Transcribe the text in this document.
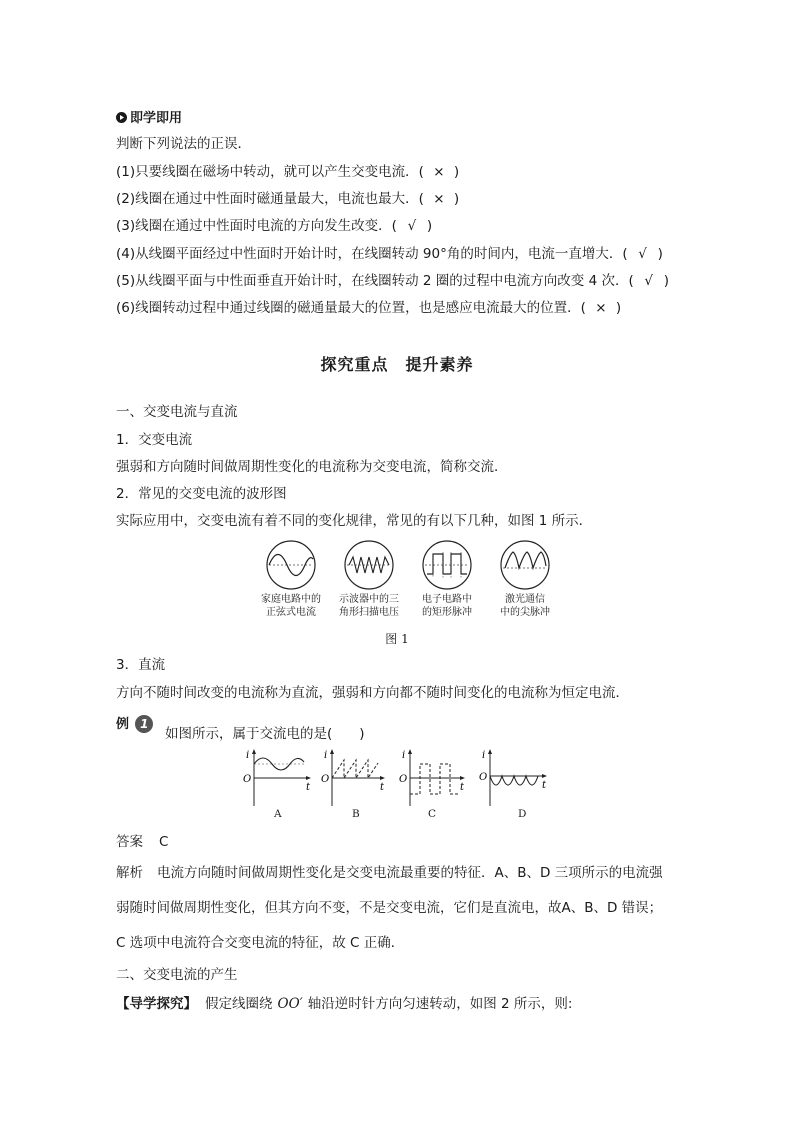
即学即用
判断下列说法的正误．
(1)只要线圈在磁场中转动，就可以产生交变电流．( × )
(2)线圈在通过中性面时磁通量最大，电流也最大．( × )
(3)线圈在通过中性面时电流的方向发生改变．( √ )
(4)从线圈平面经过中性面时开始计时，在线圈转动 90°角的时间内，电流一直增大．( √ )
(5)从线圈平面与中性面垂直开始计时，在线圈转动 2 圈的过程中电流方向改变 4 次．( √ )
(6)线圈转动过程中通过线圈的磁通量最大的位置，也是感应电流最大的位置．( × )
探究重点　提升素养
一、交变电流与直流
1．交变电流
强弱和方向随时间做周期性变化的电流称为交变电流，简称交流．
2．常见的交变电流的波形图
实际应用中，交变电流有着不同的变化规律，常见的有以下几种，如图 1 所示．
家庭电路中的
正弦式电流
示波器中的三
角形扫描电压
电子电路中
的矩形脉冲
激光通信
中的尖脉冲
图 1
3．直流
方向不随时间改变的电流称为直流，强弱和方向都不随时间变化的电流称为恒定电流．
例 1
如图所示，属于交流电的是(　　)
i
O
t
i
O
t
i
O
t
i
O
t
A	B	C	D
答案 C
解析 电流方向随时间做周期性变化是交变电流最重要的特征．A、B、D 三项所示的电流强
弱随时间做周期性变化，但其方向不变，不是交变电流，它们是直流电，故A、B、D 错误；
C 选项中电流符合交变电流的特征，故 C 正确．
二、交变电流的产生
【导学探究】 假定线圈绕 OO′ 轴沿逆时针方向匀速转动，如图 2 所示，则:
